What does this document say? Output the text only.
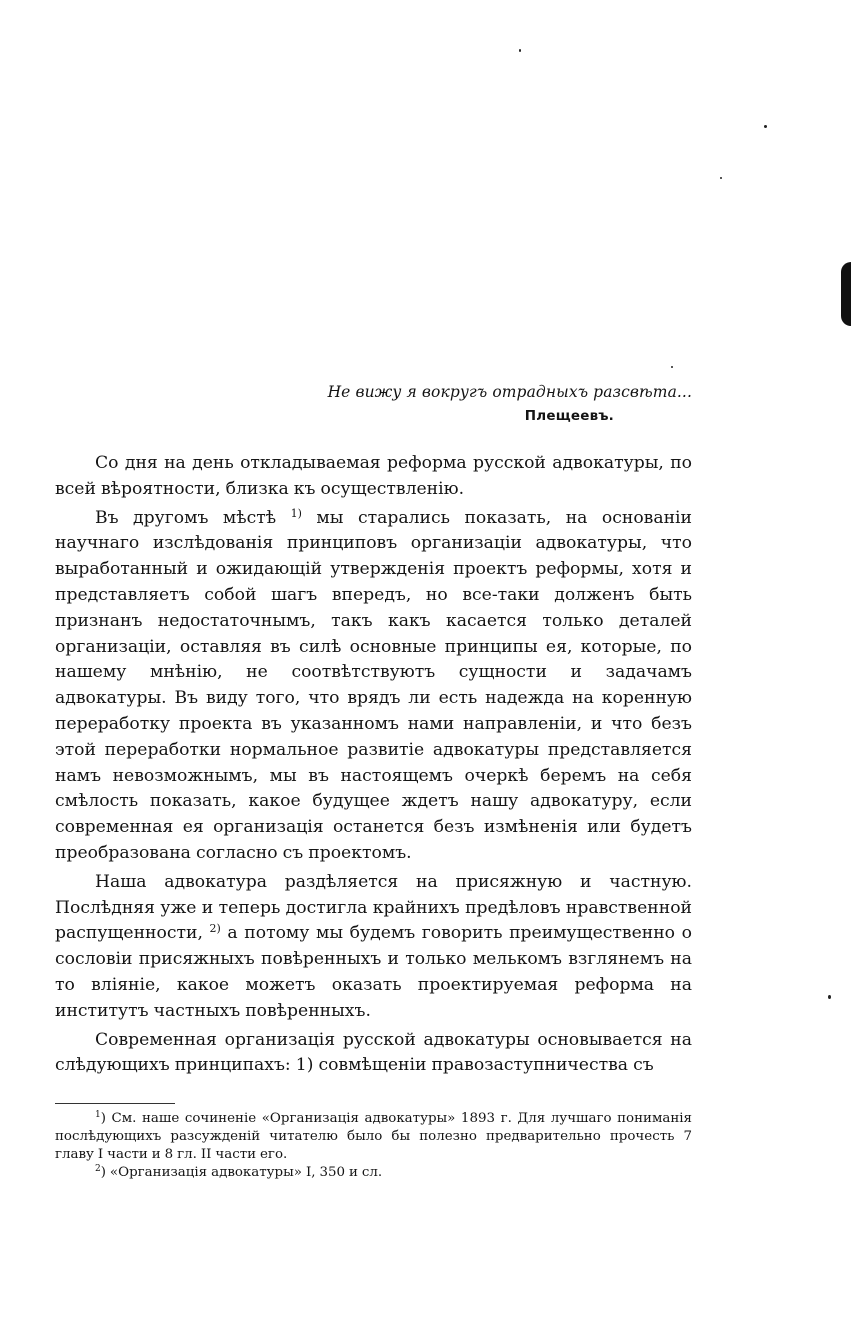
Не вижу я вокругъ отрадныхъ разсвѣта...
Плещеевъ.

Со дня на день откладываемая реформа русской адвокатуры, по всей вѣроятности, близка къ осуществленію.

Въ другомъ мѣстѣ $^{1)}$ мы старались показать, на основаніи научнаго изслѣдованія принциповъ организаціи адвокатуры, что выработанный и ожидающій утвержденія проектъ реформы, хотя и представляетъ собой шагъ впередъ, но все-таки долженъ быть признанъ недостаточнымъ, такъ какъ касается только деталей организаціи, оставляя въ силѣ основные принципы ея, которые, по нашему мнѣнію, не соотвѣтствуютъ сущности и задачамъ адвокатуры. Въ виду того, что врядъ ли есть надежда на коренную переработку проекта въ указанномъ нами направленіи, и что безъ этой переработки нормальное развитіе адвокатуры представляется намъ невозможнымъ, мы въ настоящемъ очеркѣ беремъ на себя смѣлость показать, какое будущее ждетъ нашу адвокатуру, если современная ея организація останется безъ измѣненія или будетъ преобразована согласно съ проектомъ.

Наша адвокатура раздѣляется на присяжную и частную. Послѣдняя уже и теперь достигла крайнихъ предѣловъ нравственной распущенности, $^{2)}$ а потому мы будемъ говорить преимущественно о сословіи присяжныхъ повѣренныхъ и только мелькомъ взглянемъ на то вліяніе, какое можетъ оказать проектируемая реформа на институтъ частныхъ повѣренныхъ.

Современная организація русской адвокатуры основывается на слѣдующихъ принципахъ: 1) совмѣщеніи правозаступничества съ

$^1$) См. наше сочиненіе «Организація адвокатуры» 1893 г. Для лучшаго пониманія послѣдующихъ разсужденій читателю было бы полезно предварительно прочесть 7 главу I части и 8 гл. II части его.

$^2$) «Организація адвокатуры» I, 350 и сл.
